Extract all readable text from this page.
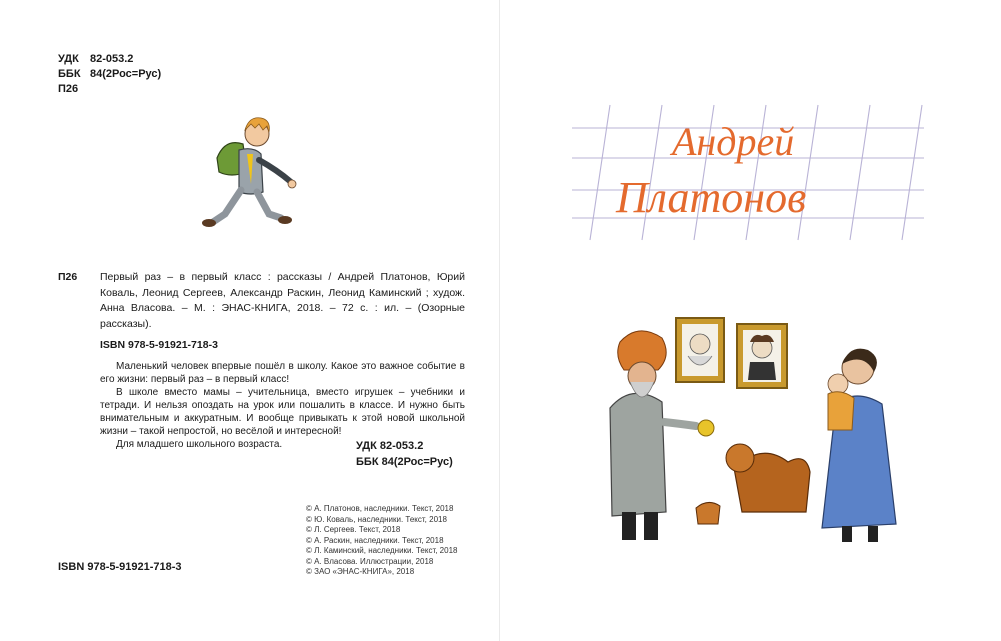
УДК	82-053.2
ББК 84(2Рос=Рус)
П26
П26 Первый раз – в первый класс : рассказы / Андрей Платонов, Юрий Коваль, Леонид Сергеев, Александр Раскин, Леонид Каминский ; худож. Анна Власова. – М. : ЭНАС-КНИГА, 2018. – 72 с. : ил. – (Озорные рассказы).
ISBN 978-5-91921-718-3

Маленький человек впервые пошёл в школу. Какое это важное событие в его жизни: первый раз – в первый класс!

В школе вместо мамы – учительница, вместо игрушек – учебники и тетради. И нельзя опоздать на урок или пошалить в классе. И нужно быть внимательным и аккуратным. И вообще привыкать к этой новой школьной жизни – такой непростой, но весёлой и интересной!

Для младшего школьного возраста.	УДК 82-053.2
ББК 84(2Рос=Рус)
© А. Платонов, наследники. Текст, 2018
© Ю. Коваль, наследники. Текст, 2018
© Л. Сергеев. Текст, 2018
© А. Раскин, наследники. Текст, 2018
© Л. Каминский, наследники. Текст, 2018
© А. Власова. Иллюстрации, 2018
© ЗАО «ЭНАС-КНИГА», 2018
ISBN 978-5-91921-718-3
Андрей
Платонов
